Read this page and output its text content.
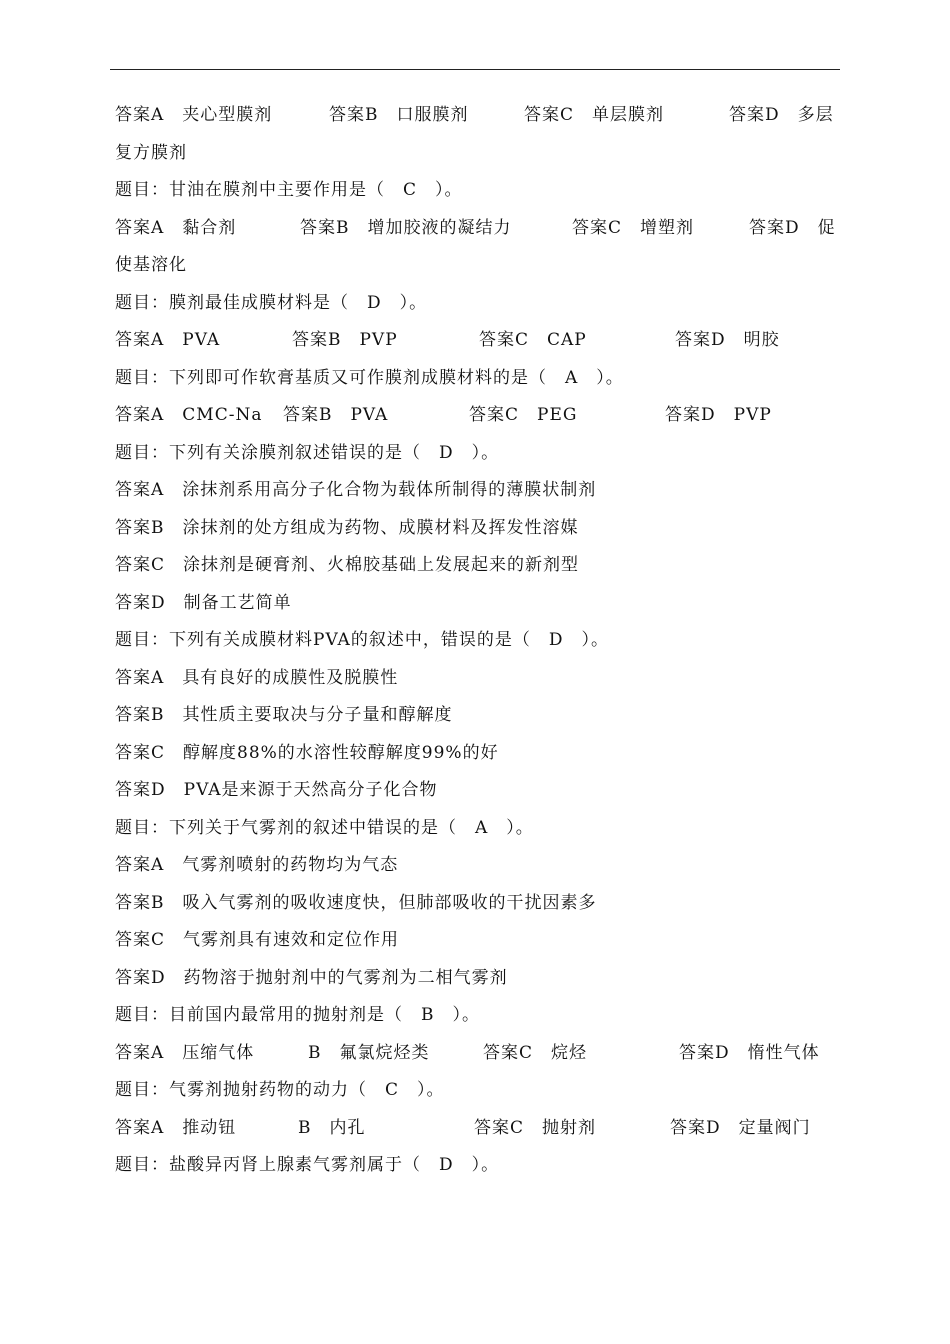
答案A　夹心型膜剂	答案B　口服膜剂	答案C　单层膜剂	答案D　多层
复方膜剂
题目：甘油在膜剂中主要作用是（　C　）。
答案A　黏合剂	答案B　增加胶液的凝结力	答案C　增塑剂	答案D　促
使基溶化
题目：膜剂最佳成膜材料是（　D　）。
答案A　PVA	答案B　PVP	答案C　CAP	答案D　明胶
题目：下列即可作软膏基质又可作膜剂成膜材料的是（　A　）。
答案A　CMC-Na 答案B　PVA	答案C　PEG	答案D　PVP
题目：下列有关涂膜剂叙述错误的是（　D　）。
答案A　涂抹剂系用高分子化合物为载体所制得的薄膜状制剂
答案B　涂抹剂的处方组成为药物、成膜材料及挥发性溶媒
答案C　涂抹剂是硬膏剂、火棉胶基础上发展起来的新剂型
答案D　制备工艺简单
题目：下列有关成膜材料PVA的叙述中，错误的是（　D　）。
答案A　具有良好的成膜性及脱膜性
答案B　其性质主要取决与分子量和醇解度
答案C　醇解度88%的水溶性较醇解度99%的好
答案D　PVA是来源于天然高分子化合物
题目：下列关于气雾剂的叙述中错误的是（　A　）。
答案A　气雾剂喷射的药物均为气态
答案B　吸入气雾剂的吸收速度快，但肺部吸收的干扰因素多
答案C　气雾剂具有速效和定位作用
答案D　药物溶于抛射剂中的气雾剂为二相气雾剂
题目：目前国内最常用的抛射剂是（　B　）。
答案A　压缩气体	B　氟氯烷烃类	答案C　烷烃	答案D　惰性气体
题目：气雾剂抛射药物的动力（　C　）。
答案A　推动钮	B　内孔	答案C　抛射剂	答案D　定量阀门
题目：盐酸异丙肾上腺素气雾剂属于（　D　）。
